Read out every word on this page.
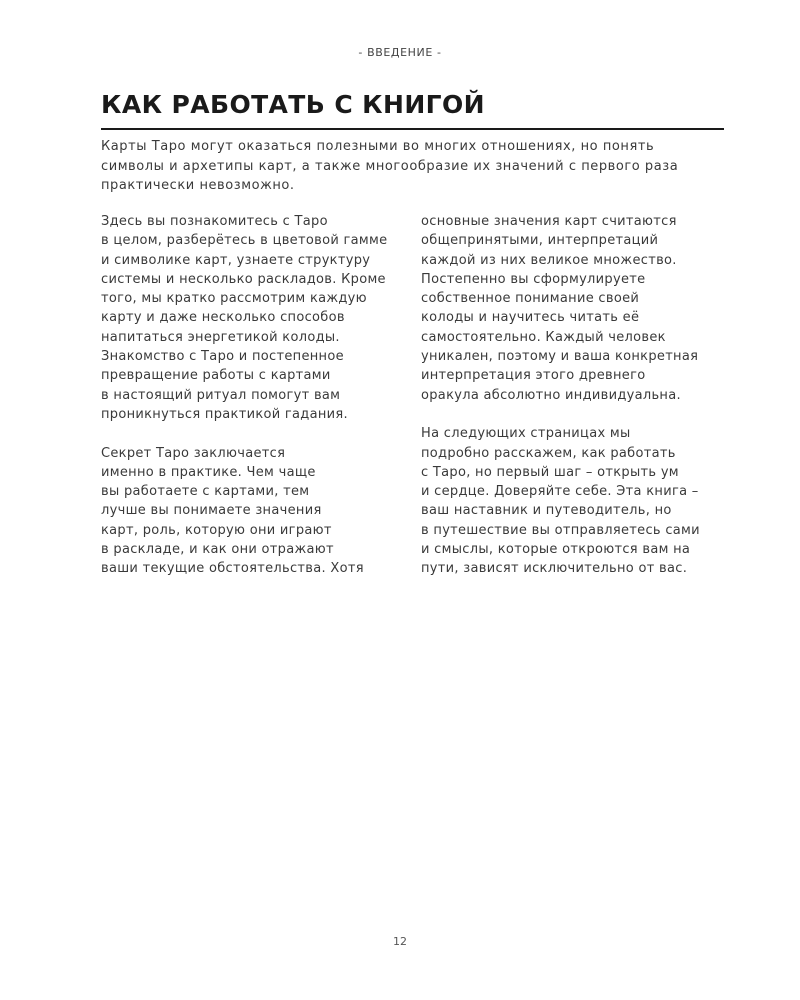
- ВВЕДЕНИЕ -
КАК РАБОТАТЬ С КНИГОЙ

Карты Таро могут оказаться полезными во многих отношениях, но понять
символы и архетипы карт, а также многообразие их значений с первого раза
практически невозможно.

Здесь вы познакомитесь с Таро
в целом, разберётесь в цветовой гамме
и символике карт, узнаете структуру
системы и несколько раскладов. Кроме
того, мы кратко рассмотрим каждую
карту и даже несколько способов
напитаться энергетикой колоды.
Знакомство с Таро и постепенное
превращение работы с картами
в настоящий ритуал помогут вам
проникнуться практикой гадания.

Секрет Таро заключается
именно в практике. Чем чаще
вы работаете с картами, тем
лучше вы понимаете значения
карт, роль, которую они играют
в раскладе, и как они отражают
ваши текущие обстоятельства. Хотя

основные значения карт считаются
общепринятыми, интерпретаций
каждой из них великое множество.
Постепенно вы сформулируете
собственное понимание своей
колоды и научитесь читать её
самостоятельно. Каждый человек
уникален, поэтому и ваша конкретная
интерпретация этого древнего
оракула абсолютно индивидуальна.

На следующих страницах мы
подробно расскажем, как работать
с Таро, но первый шаг – открыть ум
и сердце. Доверяйте себе. Эта книга –
ваш наставник и путеводитель, но
в путешествие вы отправляетесь сами
и смыслы, которые откроются вам на
пути, зависят исключительно от вас.

12
